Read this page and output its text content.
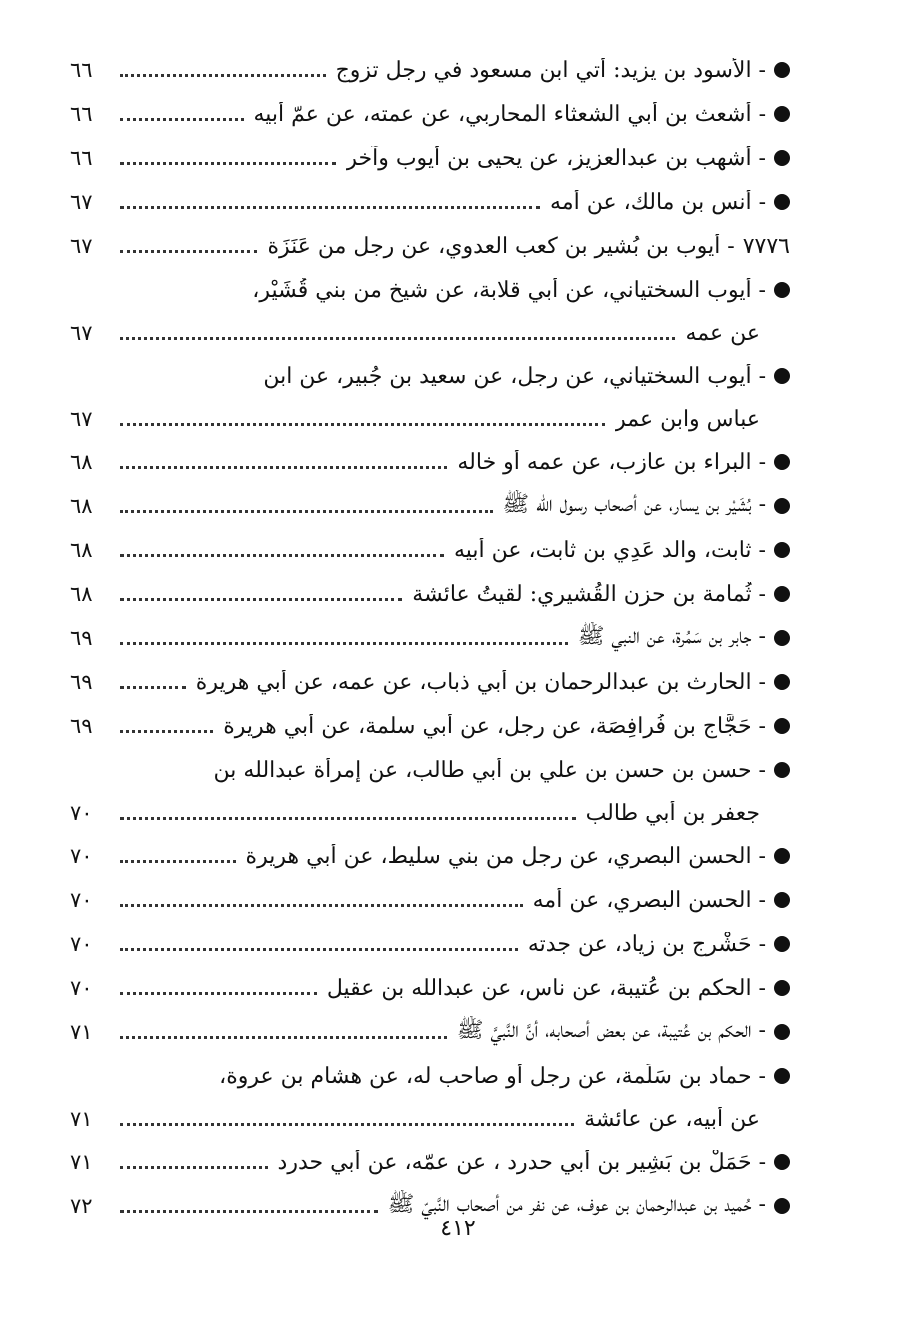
- الأسود بن يزيد: أُتي ابن مسعود في رجل تزوج
٦٦
- أشعث بن أبي الشعثاء المحاربي، عن عمته، عن عمّ أبيه
٦٦
- أشهب بن عبدالعزيز، عن يحيى بن أيوب وآخر
٦٦
- أنس بن مالك، عن أمه
٦٧
٧٧٧٦
- أيوب بن بُشير بن كعب العدوي، عن رجل من عَنَزَة
٦٧
- أيوب السختياني، عن أبي قلابة، عن شيخ من بني قُشَيْر،
عن عمه
٦٧
- أيوب السختياني، عن رجل، عن سعيد بن جُبير، عن ابن
عباس وابن عمر
٦٧
- البراء بن عازب، عن عمه أو خاله
٦٨
- بُشَيْر بن يسار، عن أصحاب رسول الله ﷺ
٦٨
- ثابت، والد عَدِي بن ثابت، عن أبيه
٦٨
- ثُمامة بن حزن القُشيري: لقيتُ عائشة
٦٨
- جابر بن سَمُرة، عن النبي ﷺ
٦٩
- الحارث بن عبدالرحمان بن أبي ذباب، عن عمه، عن أبي هريرة
٦٩
- حَجَّاج بن فُرافِصَة، عن رجل، عن أبي سلمة، عن أبي هريرة
٦٩
- حسن بن حسن بن علي بن أبي طالب، عن إمرأة عبدالله بن
جعفر بن أبي طالب
٧٠
- الحسن البصري، عن رجل من بني سليط، عن أبي هريرة
٧٠
- الحسن البصري، عن أمه
٧٠
- حَشْرج بن زياد، عن جدته
٧٠
- الحكم بن عُتيبة، عن ناس، عن عبدالله بن عقيل
٧٠
- الحكم بن عُتيبة، عن بعض أصحابه، أنَّ النَّبيَّ ﷺ
٧١
- حماد بن سَلَمة، عن رجل أو صاحب له، عن هشام بن عروة،
عن أبيه، عن عائشة
٧١
- حَمَلْ بن بَشِير بن أبي حدرد ، عن عمّه، عن أبي حدرد
٧١
- حُميد بن عبدالرحمان بن عوف، عن نفر من أصحاب النَّبيّ ﷺ
٧٢
٤١٢
